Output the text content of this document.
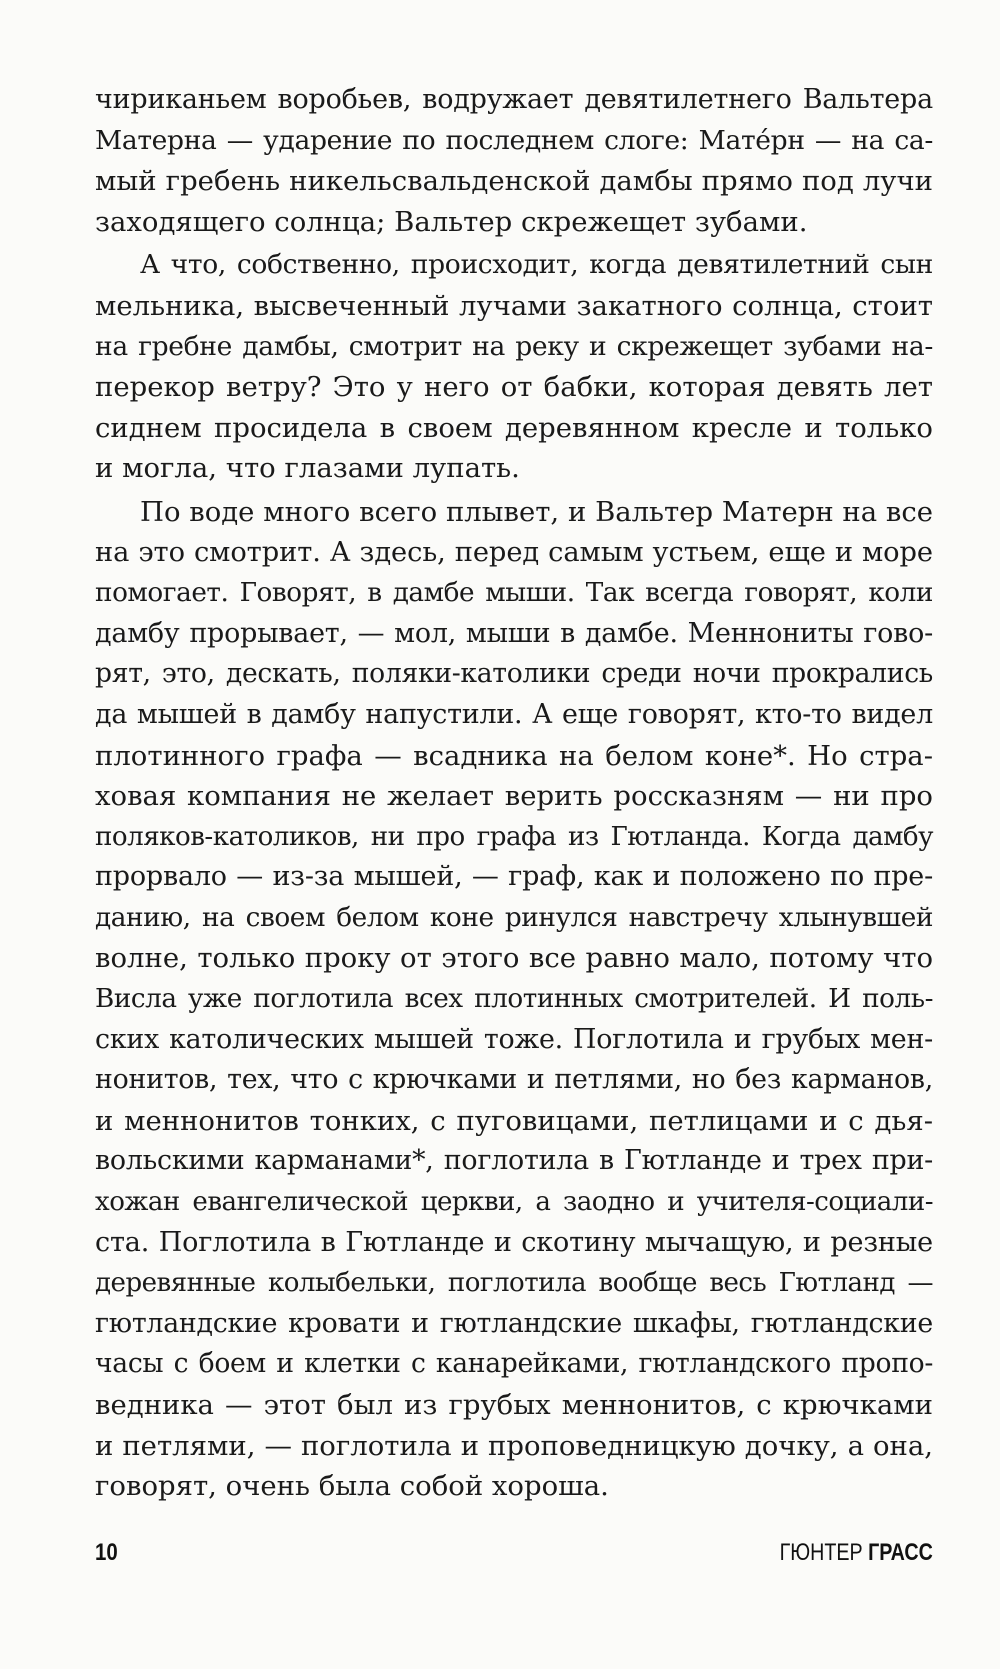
чириканьем воробьев, водружает девятилетнего Вальтера
Матерна — ударение по последнем слоге: Матéрн — на са-
мый гребень никельсвальденской дамбы прямо под лучи
заходящего солнца; Вальтер скрежещет зубами.
А что, собственно, происходит, когда девятилетний сын
мельника, высвеченный лучами закатного солнца, стоит
на гребне дамбы, смотрит на реку и скрежещет зубами на-
перекор ветру? Это у него от бабки, которая девять лет
сиднем просидела в своем деревянном кресле и только
и могла, что глазами лупать.
По воде много всего плывет, и Вальтер Матерн на все
на это смотрит. А здесь, перед самым устьем, еще и море
помогает. Говорят, в дамбе мыши. Так всегда говорят, коли
дамбу прорывает, — мол, мыши в дамбе. Меннониты гово-
рят, это, дескать, поляки-католики среди ночи прокрались
да мышей в дамбу напустили. А еще говорят, кто-то видел
плотинного графа — всадника на белом коне*. Но стра-
ховая компания не желает верить россказням — ни про
поляков-католиков, ни про графа из Гютланда. Когда дамбу
прорвало — из-за мышей, — граф, как и положено по пре-
данию, на своем белом коне ринулся навстречу хлынувшей
волне, только проку от этого все равно мало, потому что
Висла уже поглотила всех плотинных смотрителей. И поль-
ских католических мышей тоже. Поглотила и грубых мен-
нонитов, тех, что с крючками и петлями, но без карманов,
и меннонитов тонких, с пуговицами, петлицами и с дья-
вольскими карманами*, поглотила в Гютланде и трех при-
хожан евангелической церкви, а заодно и учителя-социали-
ста. Поглотила в Гютланде и скотину мычащую, и резные
деревянные колыбельки, поглотила вообще весь Гютланд —
гютландские кровати и гютландские шкафы, гютландские
часы с боем и клетки с канарейками, гютландского пропо-
ведника — этот был из грубых меннонитов, с крючками
и петлями, — поглотила и проповедницкую дочку, а она,
говорят, очень была собой хороша.
10	ГЮНТЕР ГРАСС
